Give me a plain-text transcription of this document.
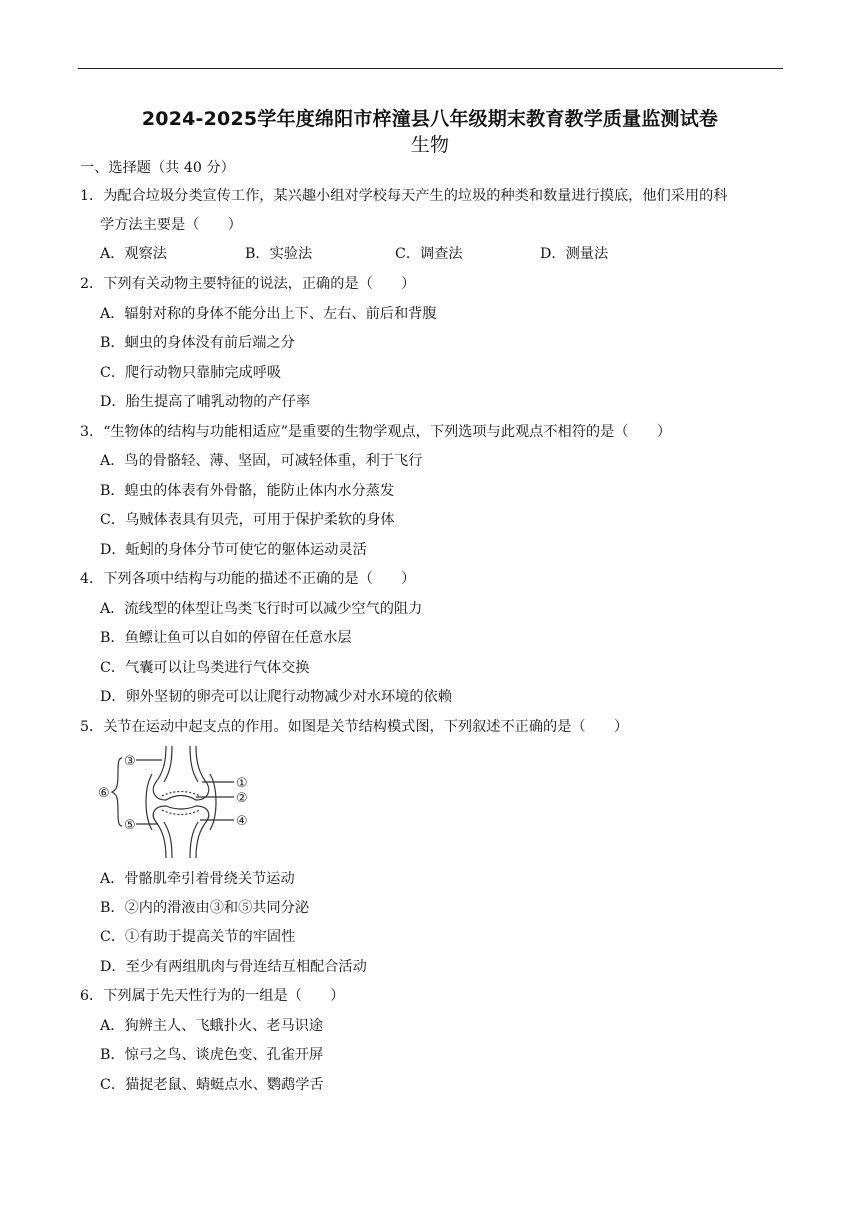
2024-2025学年度绵阳市梓潼县八年级期末教育教学质量监测试卷
生物
一、选择题（共 40 分）
1．为配合垃圾分类宣传工作，某兴趣小组对学校每天产生的垃圾的种类和数量进行摸底，他们采用的科
学方法主要是（　　）
A．观察法	B．实验法	C．调查法	D．测量法
2．下列有关动物主要特征的说法，正确的是（　　）
A．辐射对称的身体不能分出上下、左右、前后和背腹
B．蛔虫的身体没有前后端之分
C．爬行动物只靠肺完成呼吸
D．胎生提高了哺乳动物的产仔率
3．“生物体的结构与功能相适应”是重要的生物学观点，下列选项与此观点不相符的是（　　）
A．鸟的骨骼轻、薄、坚固，可减轻体重，利于飞行
B．蝗虫的体表有外骨骼，能防止体内水分蒸发
C．乌贼体表具有贝壳，可用于保护柔软的身体
D．蚯蚓的身体分节可使它的躯体运动灵活
4．下列各项中结构与功能的描述不正确的是（　　）
A．流线型的体型让鸟类飞行时可以减少空气的阻力
B．鱼鳔让鱼可以自如的停留在任意水层
C．气囊可以让鸟类进行气体交换
D．卵外坚韧的卵壳可以让爬行动物减少对水环境的依赖
5．关节在运动中起支点的作用。如图是关节结构模式图，下列叙述不正确的是（　　）
①
②
③
④
⑤
⑥
A．骨骼肌牵引着骨绕关节运动
B．②内的滑液由③和⑤共同分泌
C．①有助于提高关节的牢固性
D．至少有两组肌肉与骨连结互相配合活动
6．下列属于先天性行为的一组是（　　）
A．狗辨主人、飞蛾扑火、老马识途
B．惊弓之鸟、谈虎色变、孔雀开屏
C．猫捉老鼠、蜻蜓点水、鹦鹉学舌
